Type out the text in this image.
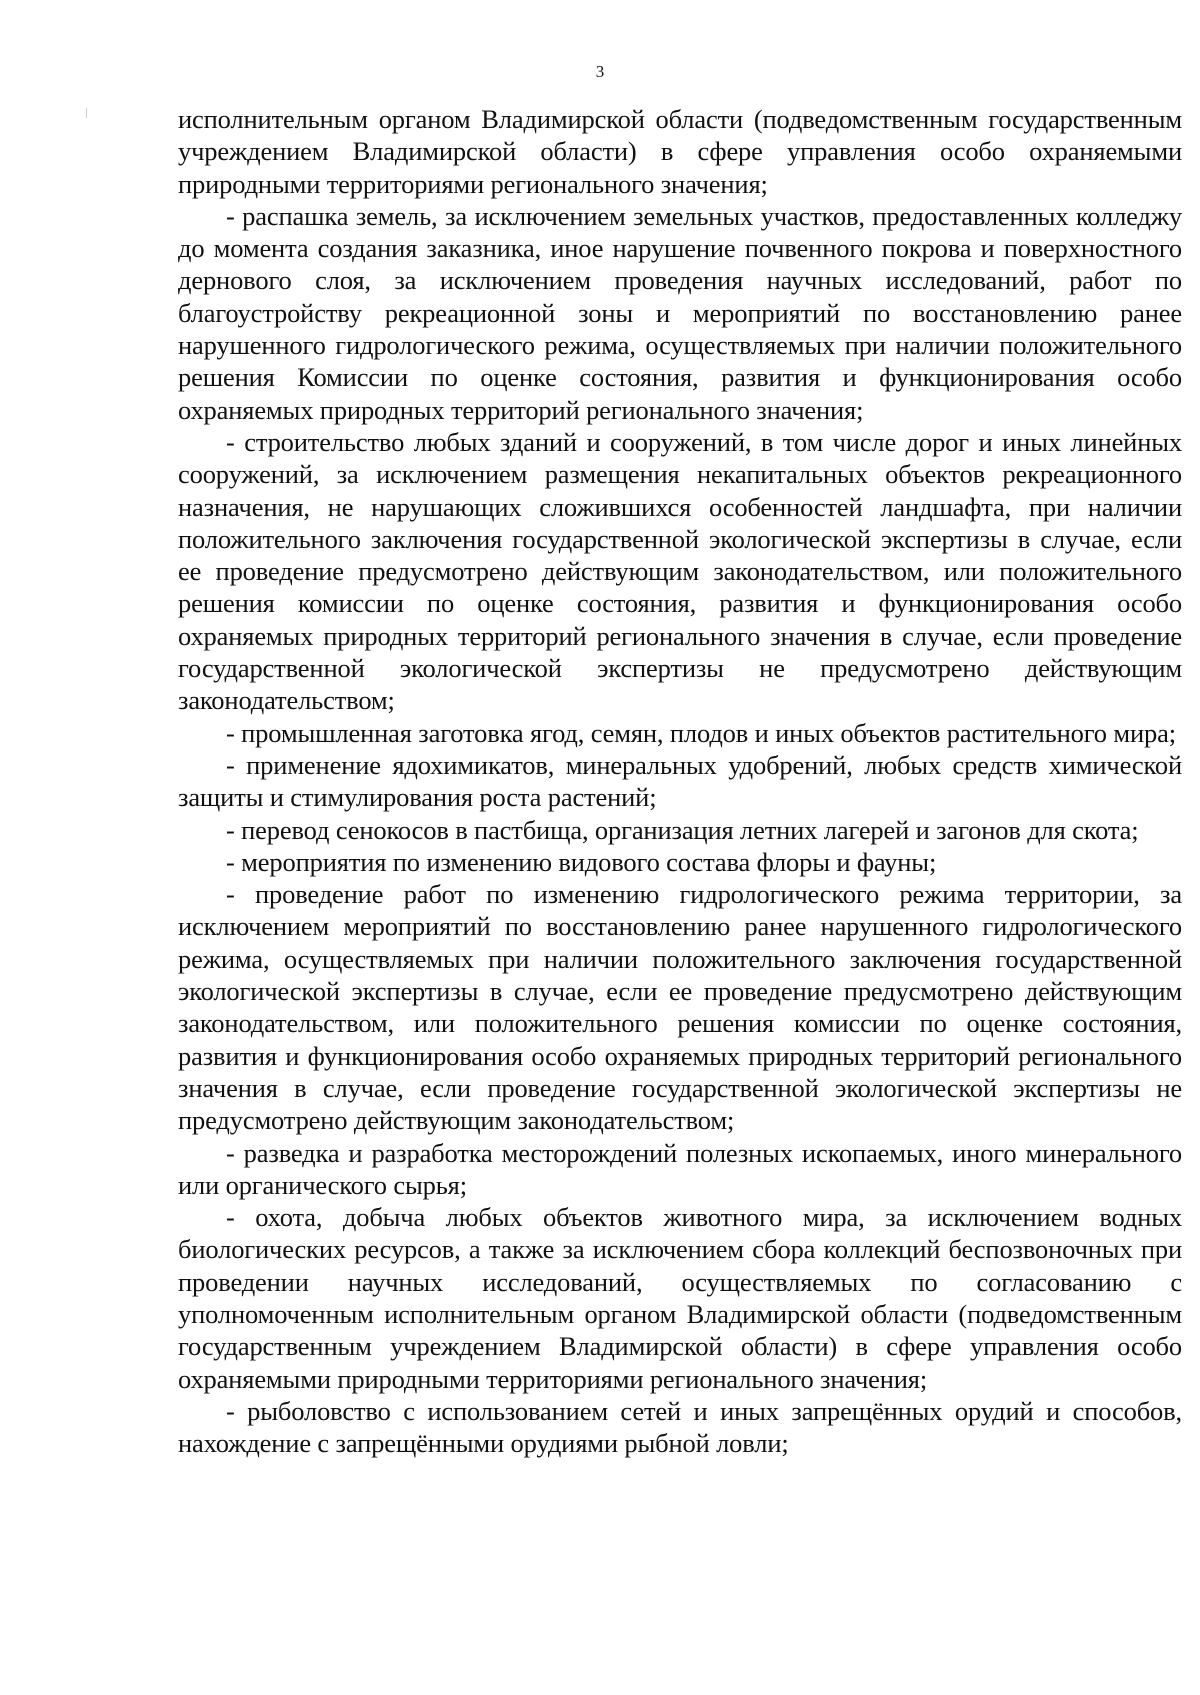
3

исполнительным органом Владимирской области (подведомственным государственным учреждением Владимирской области) в сфере управления особо охраняемыми природными территориями регионального значения;

- распашка земель, за исключением земельных участков, предоставленных колледжу до момента создания заказника, иное нарушение почвенного покрова и поверхностного дернового слоя, за исключением проведения научных исследований, работ по благоустройству рекреационной зоны и мероприятий по восстановлению ранее нарушенного гидрологического режима, осуществляемых при наличии положительного решения Комиссии по оценке состояния, развития и функционирования особо охраняемых природных территорий регионального значения;

- строительство любых зданий и сооружений, в том числе дорог и иных линейных сооружений, за исключением размещения некапитальных объектов рекреационного назначения, не нарушающих сложившихся особенностей ландшафта, при наличии положительного заключения государственной экологической экспертизы в случае, если ее проведение предусмотрено действующим законодательством, или положительного решения комиссии по оценке состояния, развития и функционирования особо охраняемых природных территорий регионального значения в случае, если проведение государственной экологической экспертизы не предусмотрено действующим законодательством;

- промышленная заготовка ягод, семян, плодов и иных объектов растительного мира;

- применение ядохимикатов, минеральных удобрений, любых средств химической защиты и стимулирования роста растений;

- перевод сенокосов в пастбища, организация летних лагерей и загонов для скота;

- мероприятия по изменению видового состава флоры и фауны;

- проведение работ по изменению гидрологического режима территории, за исключением мероприятий по восстановлению ранее нарушенного гидрологического режима, осуществляемых при наличии положительного заключения государственной экологической экспертизы в случае, если ее проведение предусмотрено действующим законодательством, или положительного решения комиссии по оценке состояния, развития и функционирования особо охраняемых природных территорий регионального значения в случае, если проведение государственной экологической экспертизы не предусмотрено действующим законодательством;

- разведка и разработка месторождений полезных ископаемых, иного минерального или органического сырья;

- охота, добыча любых объектов животного мира, за исключением водных биологических ресурсов, а также за исключением сбора коллекций беспозвоночных при проведении научных исследований, осуществляемых по согласованию с уполномоченным исполнительным органом Владимирской области (подведомственным государственным учреждением Владимирской области) в сфере управления особо охраняемыми природными территориями регионального значения;

- рыболовство с использованием сетей и иных запрещённых орудий и способов, нахождение с запрещёнными орудиями рыбной ловли;
